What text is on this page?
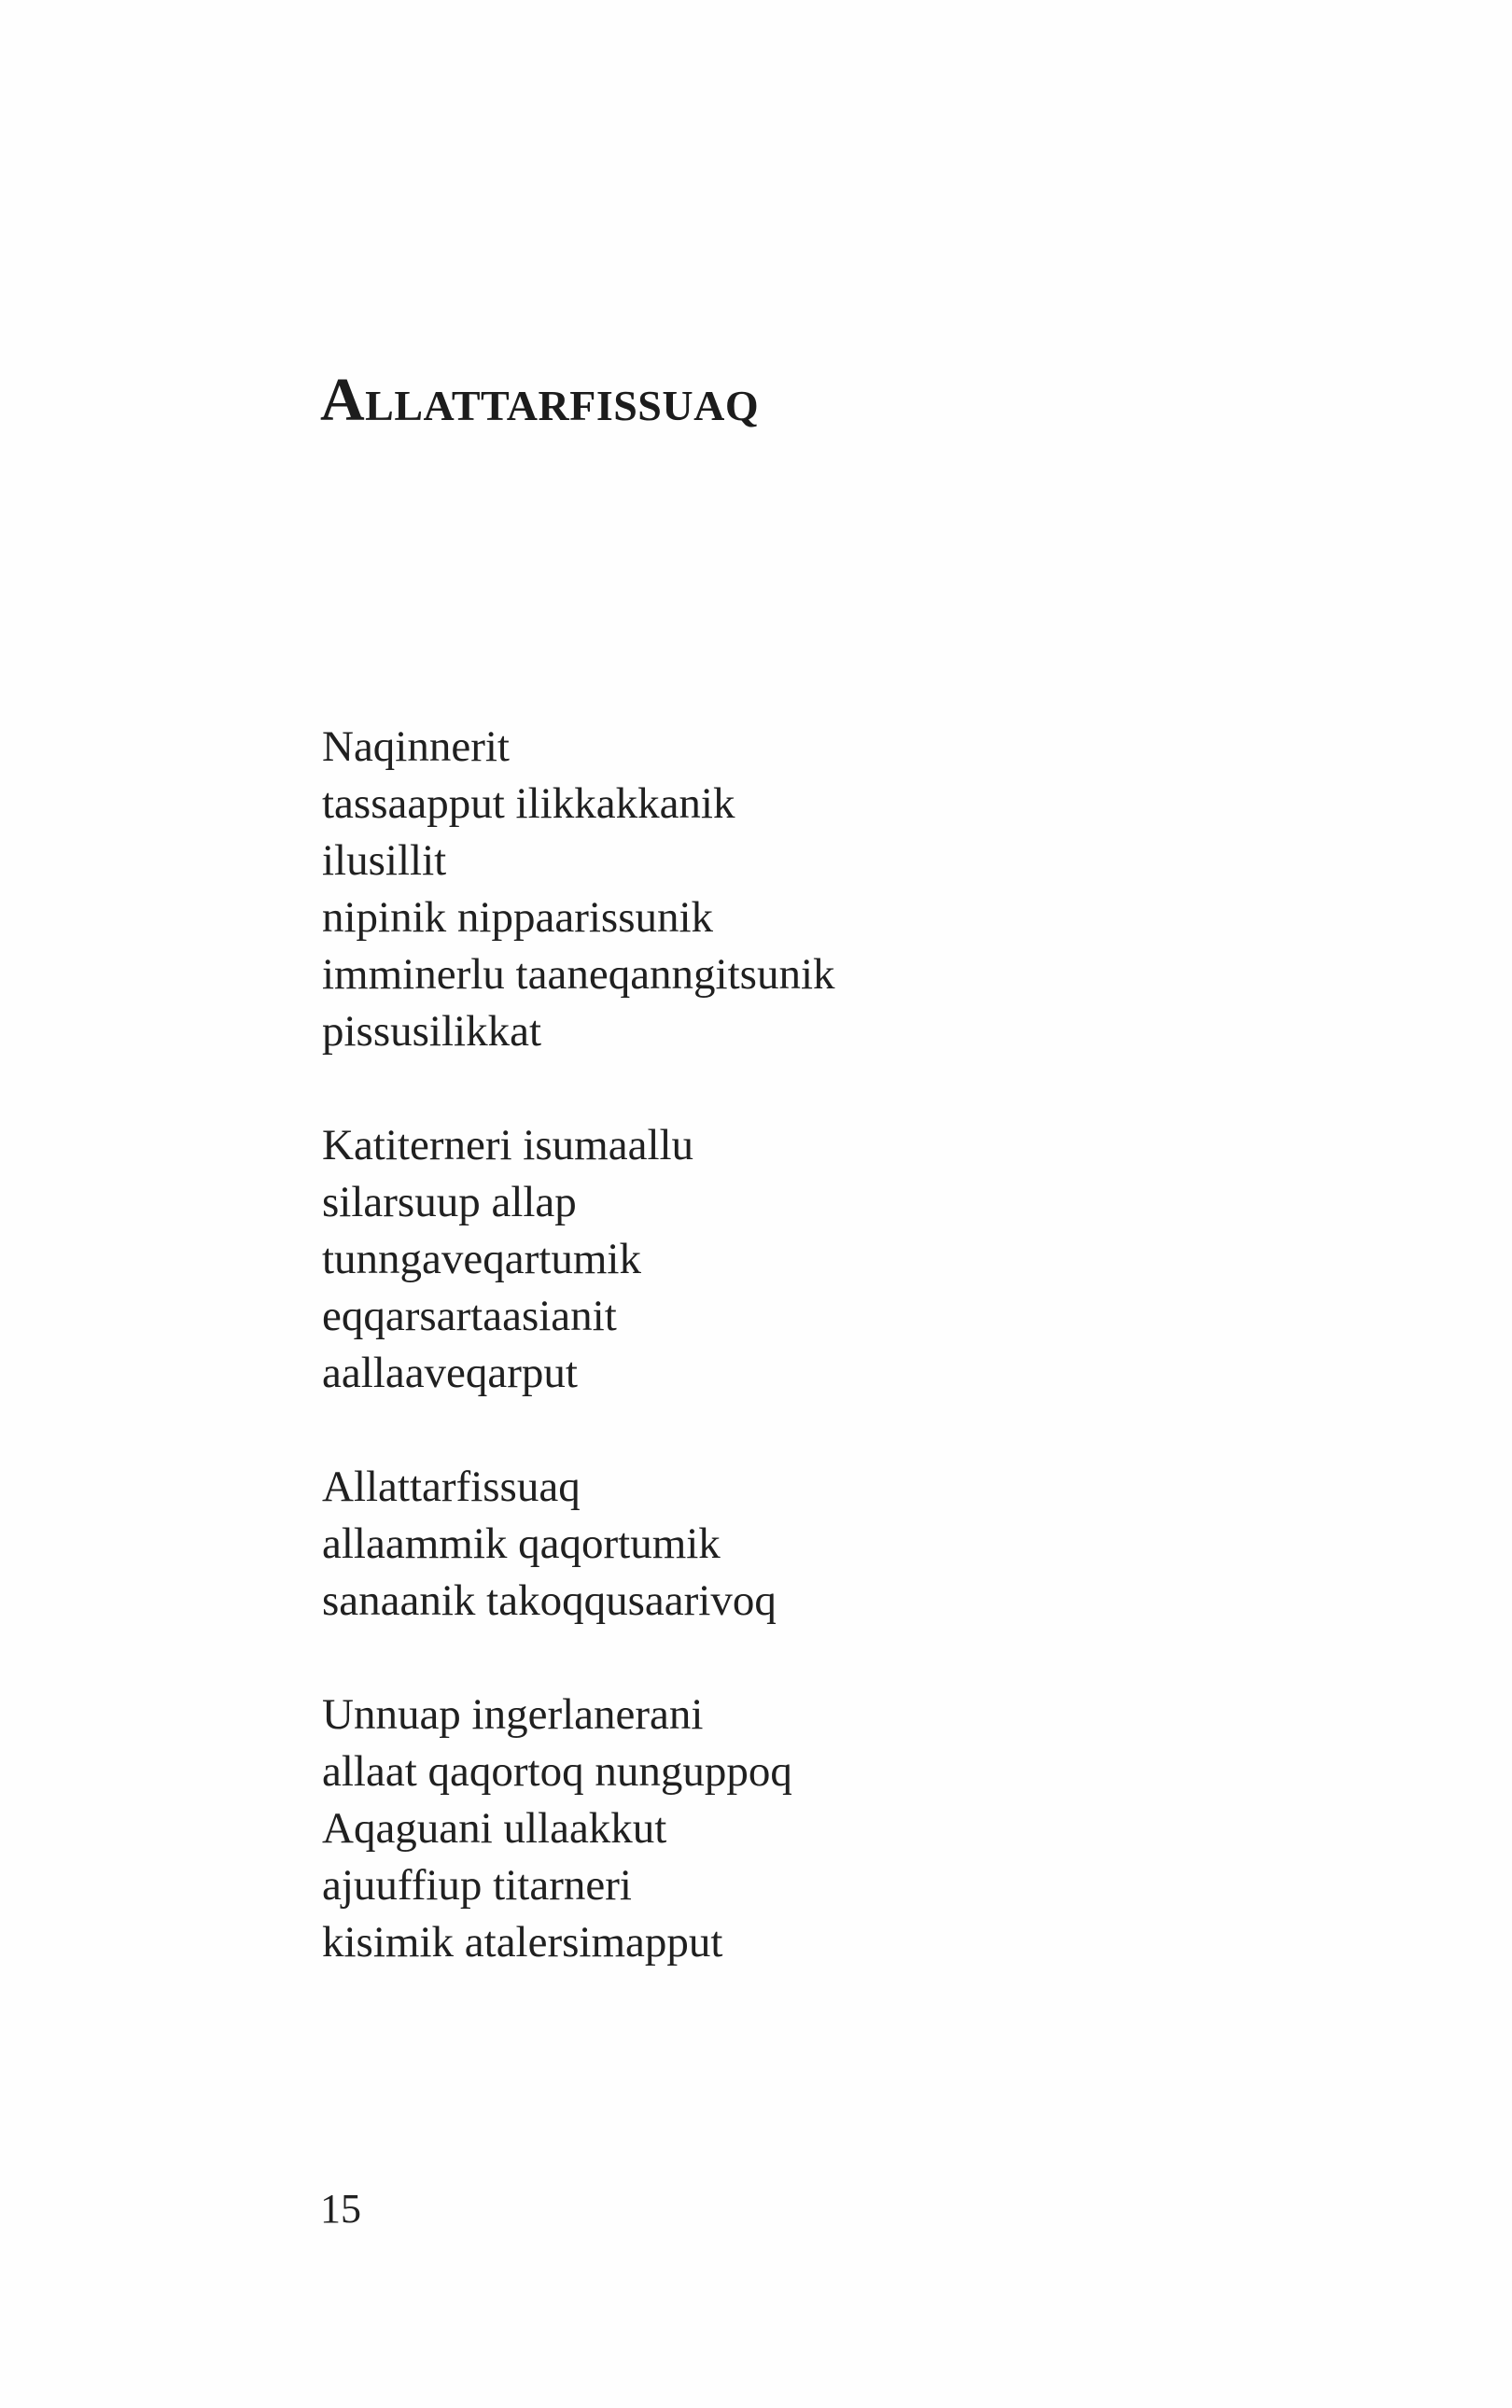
Allattarfissuaq
Naqinnerit
tassaapput ilikkakkanik
ilusillit
nipinik nippaarissunik
imminerlu taaneqanngitsunik
pissusilikkat
Katiterneri isumaallu
silarsuup allap
tunngaveqartumik
eqqarsartaasianit
aallaaveqarput
Allattarfissuaq
allaammik qaqortumik
sanaanik takoqqusaarivoq
Unnuap ingerlanerani
allaat qaqortoq nunguppoq
Aqaguani ullaakkut
ajuuffiup titarneri
kisimik atalersimapput
15
